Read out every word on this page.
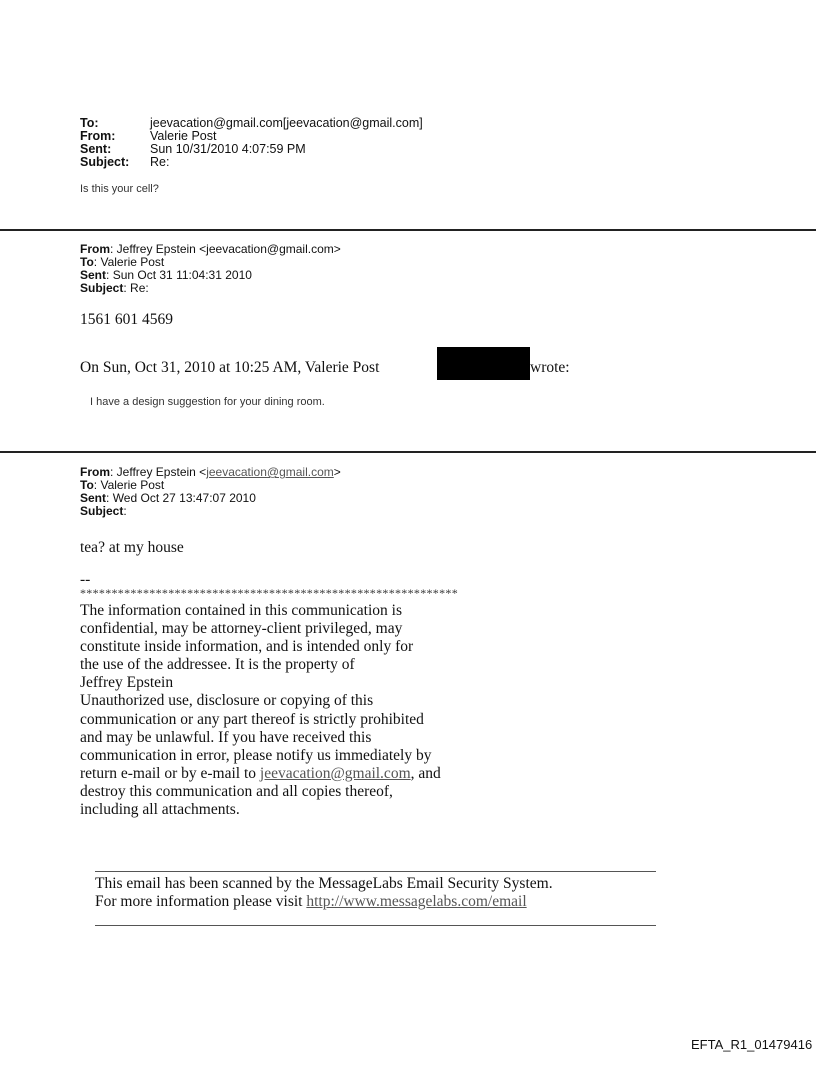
To:	jeevacation@gmail.com[jeevacation@gmail.com]
From:	Valerie Post
Sent:	Sun 10/31/2010 4:07:59 PM
Subject: Re:
Is this your cell?
From: Jeffrey Epstein <jeevacation@gmail.com>
To: Valerie Post
Sent: Sun Oct 31 11:04:31 2010
Subject: Re:
1561 601 4569
On Sun, Oct 31, 2010 at 10:25 AM, Valerie Post	wrote:
I have a design suggestion for your dining room.
From: Jeffrey Epstein <jeevacation@gmail.com>
To: Valerie Post
Sent: Wed Oct 27 13:47:07 2010
Subject:
tea? at my house
--
************************************************************
The information contained in this communication is
confidential, may be attorney-client privileged, may
constitute inside information, and is intended only for
the use of the addressee. It is the property of
Jeffrey Epstein
Unauthorized use, disclosure or copying of this
communication or any part thereof is strictly prohibited
and may be unlawful. If you have received this
communication in error, please notify us immediately by
return e-mail or by e-mail to jeevacation@gmail.com, and
destroy this communication and all copies thereof,
including all attachments.
This email has been scanned by the MessageLabs Email Security System.
For more information please visit http://www.messagelabs.com/email
EFTA_R1_01479416
